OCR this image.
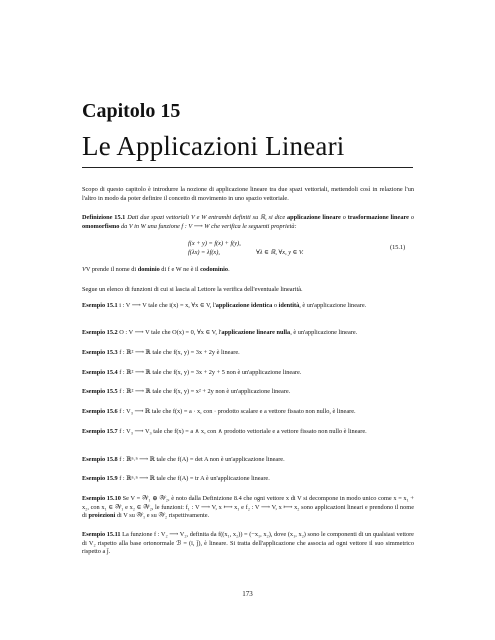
Capitolo 15
Le Applicazioni Lineari
Scopo di questo capitolo è introdurre la nozione di applicazione lineare tra due spazi vettoriali, mettendoli così in relazione l'un l'altro in modo da poter definire il concetto di movimento in uno spazio vettoriale.
Definizione 15.1 Dati due spazi vettoriali V e W entrambi definiti su ℝ, si dice applicazione lineare o trasformazione lineare o omomorfismo da V in W una funzione f : V ⟶ W che verifica le seguenti proprietà:
f(x + y) = f(x) + f(y),
f(λx) = λf(x),	∀λ ∈ ℝ, ∀x, y ∈ V.
(15.1)
VV prende il nome di dominio di f e W ne è il codominio.
Segue un elenco di funzioni di cui si lascia al Lettore la verifica dell'eventuale linearità.
Esempio 15.1 i : V ⟶ V tale che i(x) = x, ∀x ∈ V, l'applicazione identica o identità, è un'applicazione lineare.
Esempio 15.2 O : V ⟶ V tale che O(x) = 0, ∀x ∈ V, l'applicazione lineare nulla, è un'applicazione lineare.
Esempio 15.3 f : ℝ² ⟶ ℝ tale che f(x, y) = 3x + 2y è lineare.
Esempio 15.4 f : ℝ² ⟶ ℝ tale che f(x, y) = 3x + 2y + 5 non è un'applicazione lineare.
Esempio 15.5 f : ℝ² ⟶ ℝ tale che f(x, y) = x² + 2y non è un'applicazione lineare.
Esempio 15.6 f : V₃ ⟶ ℝ tale che f(x) = a · x, con · prodotto scalare e a vettore fissato non nullo, è lineare.
Esempio 15.7 f : V₃ ⟶ V₃ tale che f(x) = a ∧ x, con ∧ prodotto vettoriale e a vettore fissato non nullo è lineare.
Esempio 15.8 f : ℝⁿ˒ⁿ ⟶ ℝ tale che f(A) = det A non è un'applicazione lineare.
Esempio 15.9 f : ℝⁿ˒ⁿ ⟶ ℝ tale che f(A) = tr A è un'applicazione lineare.
Esempio 15.10 Se V = 𝒲₁ ⊕ 𝒲₂, è noto dalla Definizione 8.4 che ogni vettore x di V si decompone in modo unico come x = x₁ + x₂, con x₁ ∈ 𝒲₁ e x₂ ∈ 𝒲₂, le funzioni: f₁ : V ⟶ V, x ⟼ x₁ e f₂ : V ⟶ V, x ⟼ x₂ sono applicazioni lineari e prendono il nome di proiezioni di V su 𝒲₁ e su 𝒲₂ rispettivamente.
Esempio 15.11 La funzione f : V₂ ⟶ V₂, definita da f((x₁, x₂)) = (−x₁, x₂), dove (x₁, x₂) sono le componenti di un qualsiasi vettore di V₂ rispetto alla base ortonormale ℬ = (ī, j̄), è lineare. Si tratta dell'applicazione che associa ad ogni vettore il suo simmetrico rispetto a j̄.
173
